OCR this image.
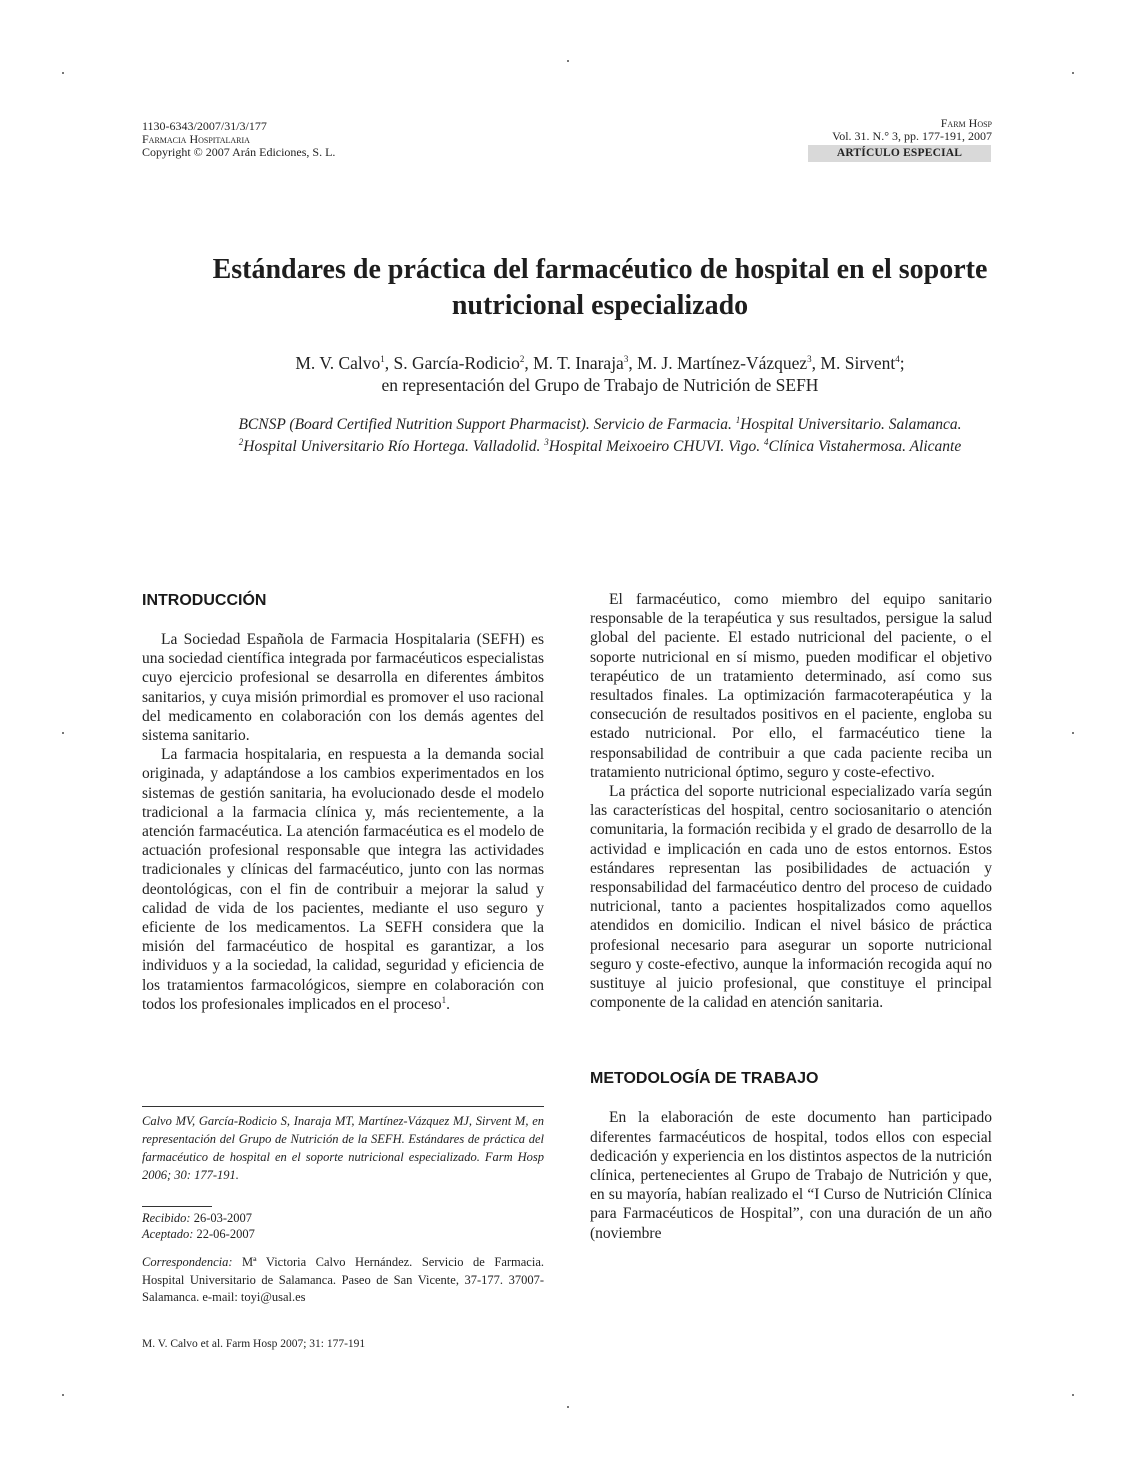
1130-6343/2007/31/3/177
Farmacia Hospitalaria
Copyright © 2007 Arán Ediciones, S. L.
Farm Hosp
Vol. 31. N.° 3, pp. 177-191, 2007
ARTÍCULO ESPECIAL
Estándares de práctica del farmacéutico de hospital en el soporte
nutricional especializado
M. V. Calvo$^1$, S. García-Rodicio$^2$, M. T. Inaraja$^3$, M. J. Martínez-Vázquez$^3$, M. Sirvent$^4$;
en representación del Grupo de Trabajo de Nutrición de SEFH
BCNSP (Board Certified Nutrition Support Pharmacist). Servicio de Farmacia. $^1$Hospital Universitario. Salamanca.
$^2$Hospital Universitario Río Hortega. Valladolid. $^3$Hospital Meixoeiro CHUVI. Vigo. $^4$Clínica Vistahermosa. Alicante
INTRODUCCIÓN

La Sociedad Española de Farmacia Hospitalaria (SEFH) es una sociedad científica integrada por farmacéuticos especialistas cuyo ejercicio profesional se desarrolla en diferentes ámbitos sanitarios, y cuya misión primordial es promover el uso racional del medicamento en colaboración con los demás agentes del sistema sanitario.

La farmacia hospitalaria, en respuesta a la demanda social originada, y adaptándose a los cambios experimentados en los sistemas de gestión sanitaria, ha evolucionado desde el modelo tradicional a la farmacia clínica y, más recientemente, a la atención farmacéutica. La atención farmacéutica es el modelo de actuación profesional responsable que integra las actividades tradicionales y clínicas del farmacéutico, junto con las normas deontológicas, con el fin de contribuir a mejorar la salud y calidad de vida de los pacientes, mediante el uso seguro y eficiente de los medicamentos. La SEFH considera que la misión del farmacéutico de hospital es garantizar, a los individuos y a la sociedad, la calidad, seguridad y eficiencia de los tratamientos farmacológicos, siempre en colaboración con todos los profesionales implicados en el proceso$^1$.

El farmacéutico, como miembro del equipo sanitario responsable de la terapéutica y sus resultados, persigue la salud global del paciente. El estado nutricional del paciente, o el soporte nutricional en sí mismo, pueden modificar el objetivo terapéutico de un tratamiento determinado, así como sus resultados finales. La optimización farmacoterapéutica y la consecución de resultados positivos en el paciente, engloba su estado nutricional. Por ello, el farmacéutico tiene la responsabilidad de contribuir a que cada paciente reciba un tratamiento nutricional óptimo, seguro y coste-efectivo.

La práctica del soporte nutricional especializado varía según las características del hospital, centro sociosanitario o atención comunitaria, la formación recibida y el grado de desarrollo de la actividad e implicación en cada uno de estos entornos. Estos estándares representan las posibilidades de actuación y responsabilidad del farmacéutico dentro del proceso de cuidado nutricional, tanto a pacientes hospitalizados como aquellos atendidos en domicilio. Indican el nivel básico de práctica profesional necesario para asegurar un soporte nutricional seguro y coste-efectivo, aunque la información recogida aquí no sustituye al juicio profesional, que constituye el principal componente de la calidad en atención sanitaria.

METODOLOGÍA DE TRABAJO

En la elaboración de este documento han participado diferentes farmacéuticos de hospital, todos ellos con especial dedicación y experiencia en los distintos aspectos de la nutrición clínica, pertenecientes al Grupo de Trabajo de Nutrición y que, en su mayoría, habían realizado el “I Curso de Nutrición Clínica para Farmacéuticos de Hospital”, con una duración de un año (noviembre

Calvo MV, García-Rodicio S, Inaraja MT, Martínez-Vázquez MJ, Sirvent M, en representación del Grupo de Nutrición de la SEFH. Estándares de práctica del farmacéutico de hospital en el soporte nutricional especializado. Farm Hosp 2006; 30: 177-191.
Recibido: 26-03-2007
Aceptado: 22-06-2007
Correspondencia: Mª Victoria Calvo Hernández. Servicio de Farmacia. Hospital Universitario de Salamanca. Paseo de San Vicente, 37-177. 37007-Salamanca. e-mail: toyi@usal.es
M. V. Calvo et al. Farm Hosp 2007; 31: 177-191
